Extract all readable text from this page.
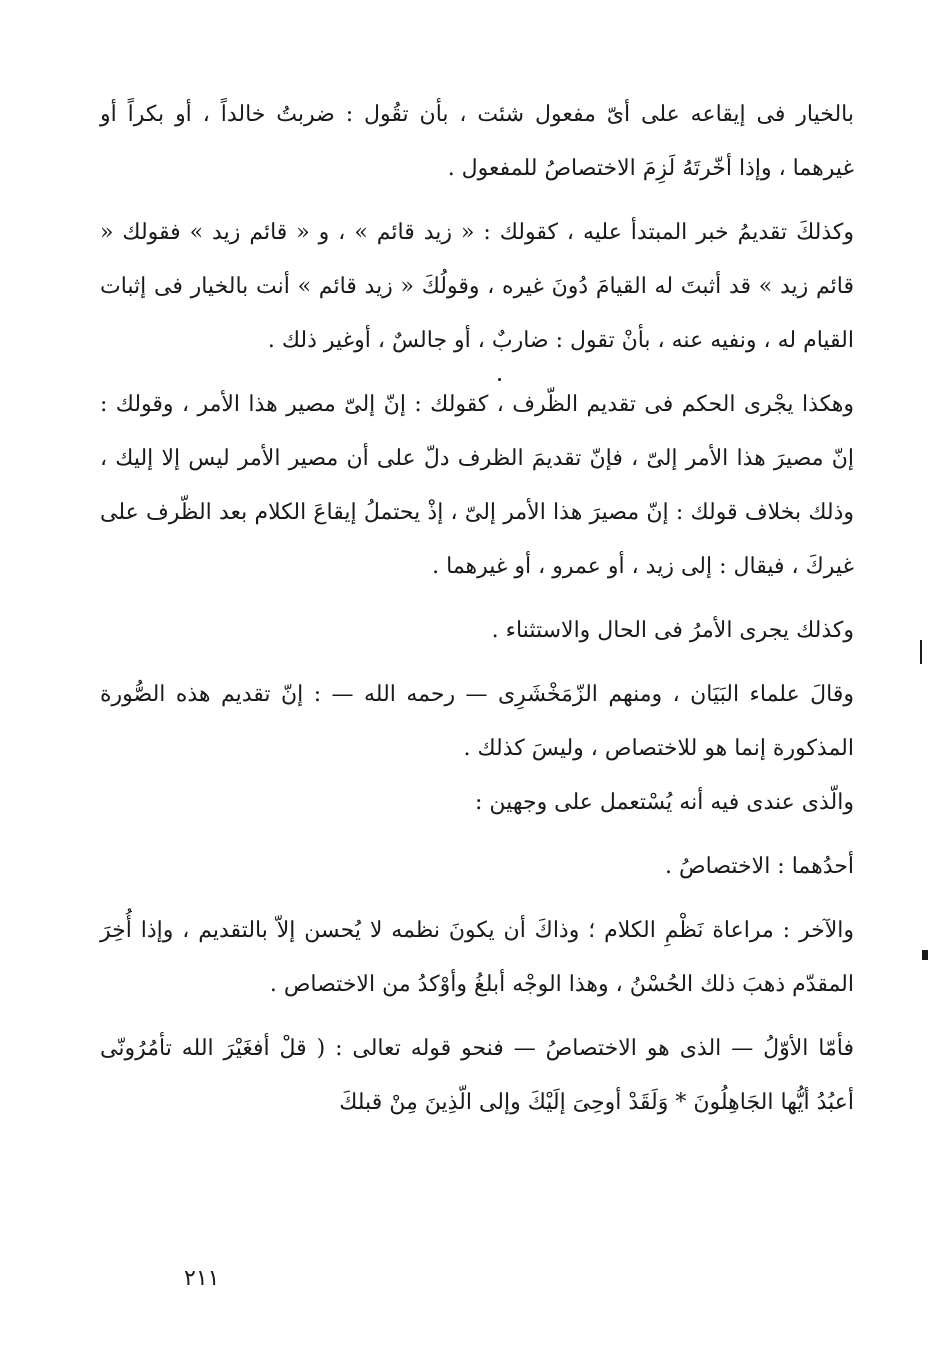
بالخيار فى إيقاعه على أىّ مفعول شئت ، بأن تقُول : ضربتُ خالداً ، أو بكراً أو غيرهما ، وإذا أخّرتَهُ لَزِمَ الاختصاصُ للمفعول .

وكذلكَ تقديمُ خبر المبتدأ عليه ، كقولك : « زيد قائم » ، و « قائم زيد » فقولك « قائم زيد » قد أثبتَ له القيامَ دُونَ غيره ، وقولُكَ « زيد قائم » أنت بالخيار فى إثبات القيام له ، ونفيه عنه ، بأنْ تقول : ضاربٌ ، أو جالسٌ ، أوغير ذلك .

وهكذا يجْرى الحكم فى تقديم الظّرف ، كقولك : إنّ إلىّ مصير هذا الأمر ، وقولك : إنّ مصيرَ هذا الأمر إلىّ ، فإنّ تقديمَ الظرف دلّ على أن مصير الأمر ليس إلا إليك ، وذلك بخلاف قولك : إنّ مصيرَ هذا الأمر إلىّ ، إذْ يحتملُ إيقاعَ الكلام بعد الظّرف على غيركَ ، فيقال : إلى زيد ، أو عمرو ، أو غيرهما .

وكذلك يجرى الأمرُ فى الحال والاستثناء .

وقالَ علماء البَيَان ، ومنهم الزّمَخْشَرِى — رحمه الله — : إنّ تقديم هذه الصُّورة المذكورة إنما هو للاختصاص ، وليسَ كذلك .

والّذى عندى فيه أنه يُسْتعمل على وجهين :

أحدُهما : الاختصاصُ .

والآخر : مراعاة نَظْمِ الكلام ؛ وذاكَ أن يكونَ نظمه لا يُحسن إلاّ بالتقديم ، وإذا أُخِرَ المقدّم ذهبَ ذلك الحُسْنُ ، وهذا الوجْه أبلغُ وأوْكدُ من الاختصاص .

فأمّا الأوّلُ — الذى هو الاختصاصُ — فنحو قوله تعالى : ( قلْ أفغَيْرَ الله تأمُرُونّى أعبُدُ أيُّها الجَاهِلُونَ * وَلَقَدْ أوحِىَ إلَيْكَ وإلى الّذِينَ مِنْ قبلكَ

٢١١
